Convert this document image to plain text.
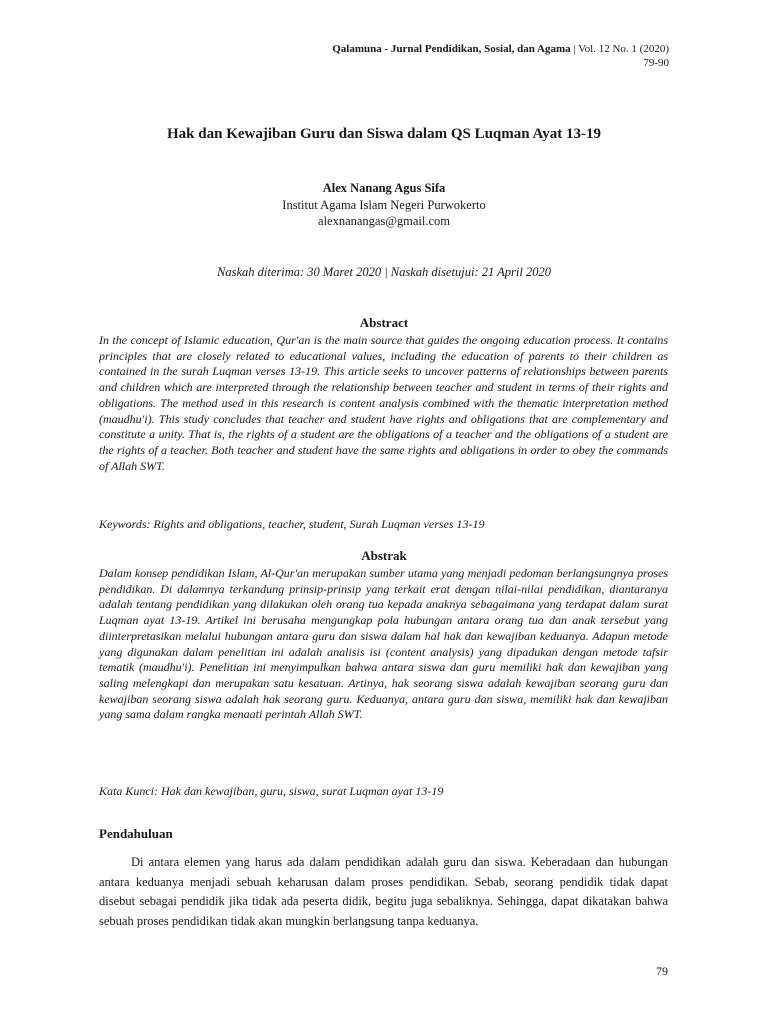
Qalamuna - Jurnal Pendidikan, Sosial, dan Agama | Vol. 12 No. 1 (2020)
79-90
Hak dan Kewajiban Guru dan Siswa dalam QS Luqman Ayat 13-19
Alex Nanang Agus Sifa
Institut Agama Islam Negeri Purwokerto
alexnanangas@gmail.com
Naskah diterima: 30 Maret 2020 | Naskah disetujui: 21 April 2020
Abstract

In the concept of Islamic education, Qur'an is the main source that guides the ongoing education process. It contains principles that are closely related to educational values, including the education of parents to their children as contained in the surah Luqman verses 13-19. This article seeks to uncover patterns of relationships between parents and children which are interpreted through the relationship between teacher and student in terms of their rights and obligations. The method used in this research is content analysis combined with the thematic interpretation method (maudhu'i). This study concludes that teacher and student have rights and obligations that are complementary and constitute a unity. That is, the rights of a student are the obligations of a teacher and the obligations of a student are the rights of a teacher. Both teacher and student have the same rights and obligations in order to obey the commands of Allah SWT.

Keywords: Rights and obligations, teacher, student, Surah Luqman verses 13-19

Abstrak

Dalam konsep pendidikan Islam, Al-Qur'an merupakan sumber utama yang menjadi pedoman berlangsungnya proses pendidikan. Di dalamnya terkandung prinsip-prinsip yang terkait erat dengan nilai-nilai pendidikan, diantaranya adalah tentang pendidikan yang dilakukan oleh orang tua kepada anaknya sebagaimana yang terdapat dalam surat Luqman ayat 13-19. Artikel ini berusaha mengungkap pola hubungan antara orang tua dan anak tersebut yang diinterpretasikan melalui hubungan antara guru dan siswa dalam hal hak dan kewajiban keduanya. Adapun metode yang digunakan dalam penelitian ini adalah analisis isi (content analysis) yang dipadukan dengan metode tafsir tematik (maudhu'i). Penelitian ini menyimpulkan bahwa antara siswa dan guru memiliki hak dan kewajiban yang saling melengkapi dan merupakan satu kesatuan. Artinya, hak seorang siswa adalah kewajiban seorang guru dan kewajiban seorang siswa adalah hak seorang guru. Keduanya, antara guru dan siswa, memiliki hak dan kewajiban yang sama dalam rangka menaati perintah Allah SWT.

Kata Kunci: Hak dan kewajiban, guru, siswa, surat Luqman ayat 13-19

Pendahuluan

Di antara elemen yang harus ada dalam pendidikan adalah guru dan siswa. Keberadaan dan hubungan antara keduanya menjadi sebuah keharusan dalam proses pendidikan. Sebab, seorang pendidik tidak dapat disebut sebagai pendidik jika tidak ada peserta didik, begitu juga sebaliknya. Sehingga, dapat dikatakan bahwa sebuah proses pendidikan tidak akan mungkin berlangsung tanpa keduanya.

79
